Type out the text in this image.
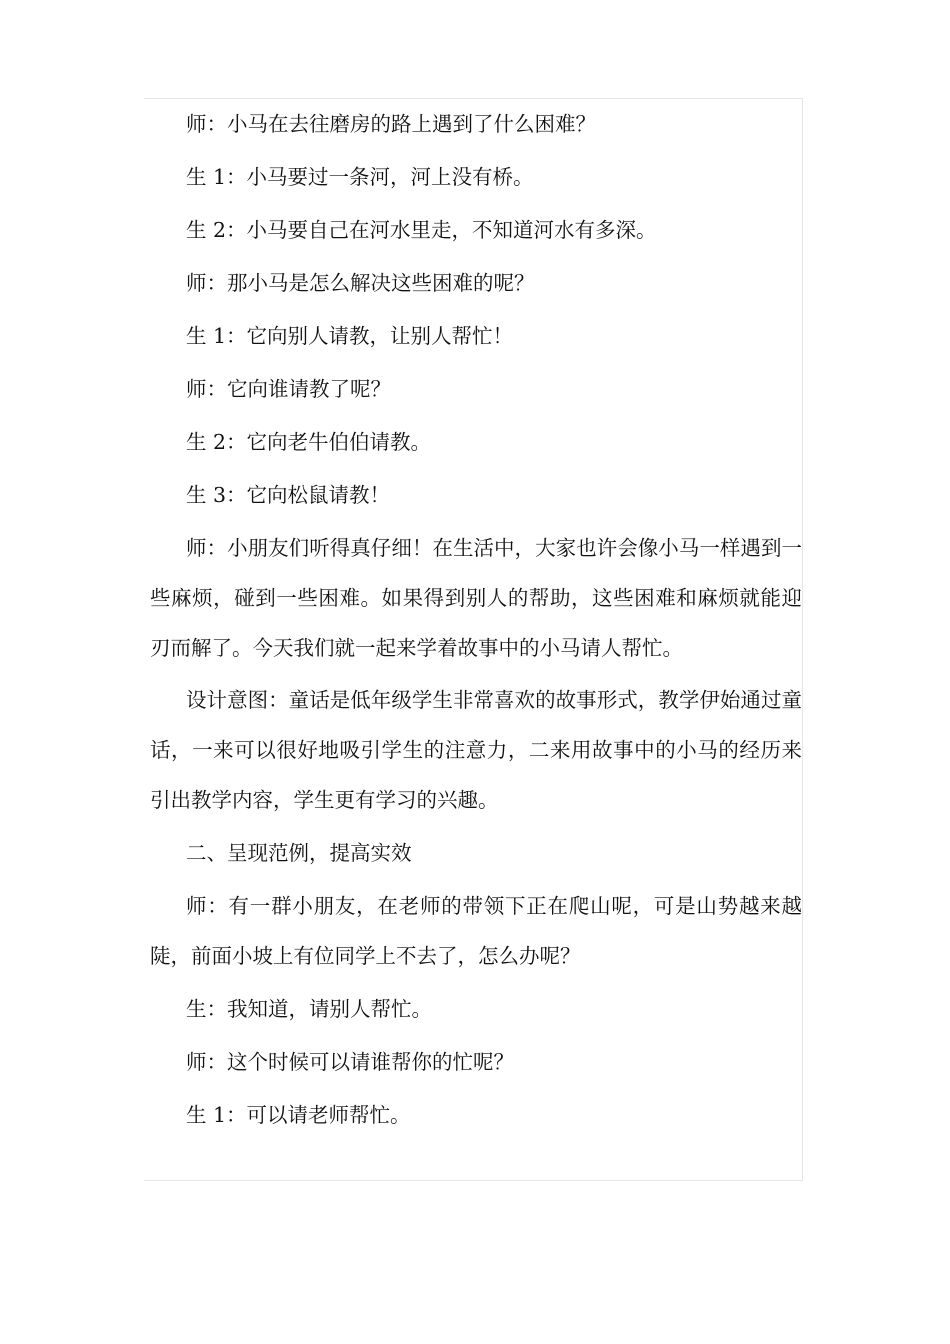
师：小马在去往磨房的路上遇到了什么困难？

生 1：小马要过一条河，河上没有桥。

生 2：小马要自己在河水里走，不知道河水有多深。

师：那小马是怎么解决这些困难的呢？

生 1：它向别人请教，让别人帮忙！

师：它向谁请教了呢？

生 2：它向老牛伯伯请教。

生 3：它向松鼠请教！

师：小朋友们听得真仔细！在生活中，大家也许会像小马一样遇到一些麻烦，碰到一些困难。如果得到别人的帮助，这些困难和麻烦就能迎刃而解了。今天我们就一起来学着故事中的小马请人帮忙。

设计意图：童话是低年级学生非常喜欢的故事形式，教学伊始通过童话，一来可以很好地吸引学生的注意力，二来用故事中的小马的经历来引出教学内容，学生更有学习的兴趣。

二、呈现范例，提高实效

师：有一群小朋友，在老师的带领下正在爬山呢，可是山势越来越陡，前面小坡上有位同学上不去了，怎么办呢？

生：我知道，请别人帮忙。

师：这个时候可以请谁帮你的忙呢？

生 1：可以请老师帮忙。
